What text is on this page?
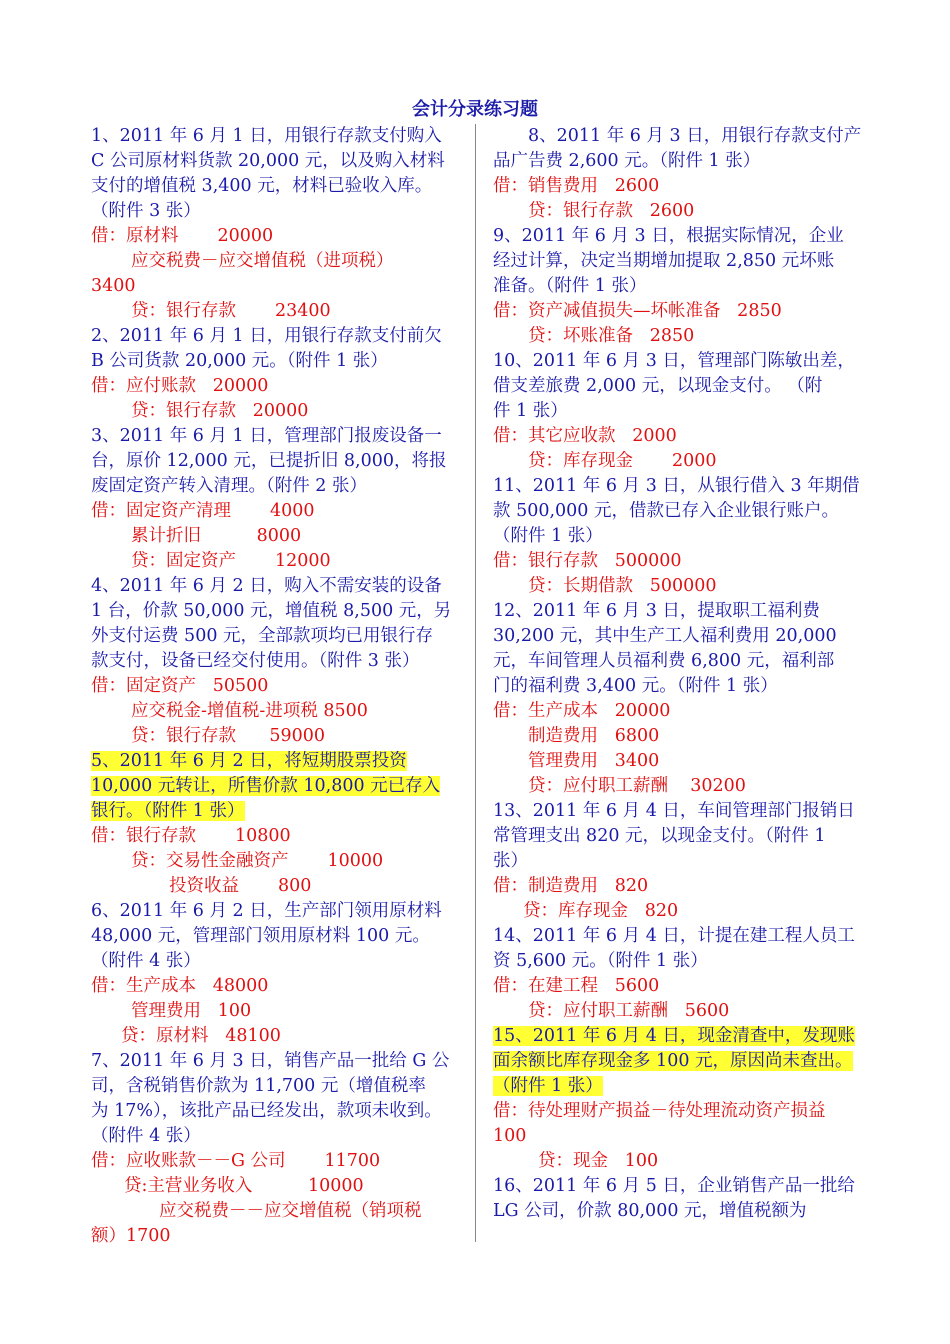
会计分录练习题
1、2011 年 6 月 1 日，用银行存款支付购入
C 公司原材料货款 20,000 元，以及购入材料
支付的增值税 3,400 元，材料已验收入库。
（附件 3 张）
借：原材料       20000
应交税费－应交增值税（进项税）
3400
贷：银行存款       23400
2、2011 年 6 月 1 日，用银行存款支付前欠
B 公司货款 20,000 元。（附件 1 张）
借：应付账款   20000
贷：银行存款   20000
3、2011 年 6 月 1 日，管理部门报废设备一
台，原价 12,000 元，已提折旧 8,000，将报
废固定资产转入清理。（附件 2 张）
借：固定资产清理       4000
累计折旧          8000
贷：固定资产       12000
4、2011 年 6 月 2 日，购入不需安装的设备
1 台，价款 50,000 元，增值税 8,500 元，另
外支付运费 500 元，全部款项均已用银行存
款支付，设备已经交付使用。（附件 3 张）
借：固定资产   50500
应交税金-增值税-进项税 8500
贷：银行存款      59000
5、2011 年 6 月 2 日，将短期股票投资
10,000 元转让，所售价款 10,800 元已存入
银行。（附件 1 张）
借：银行存款       10800
贷：交易性金融资产       10000
投资收益       800
6、2011 年 6 月 2 日，生产部门领用原材料
48,000 元，管理部门领用原材料 100 元。
（附件 4 张）
借：生产成本   48000
管理费用   100
贷：原材料   48100
7、2011 年 6 月 3 日，销售产品一批给 G 公
司，含税销售价款为 11,700 元（增值税率
为 17%），该批产品已经发出，款项未收到。
（附件 4 张）
借：应收账款－－G 公司       11700
贷:主营业务收入          10000
应交税费－－应交增值税（销项税
额）1700
8、2011 年 6 月 3 日，用银行存款支付产
品广告费 2,600 元。（附件 1 张）
借：销售费用   2600
贷：银行存款   2600
9、2011 年 6 月 3 日，根据实际情况，企业
经过计算，决定当期增加提取 2,850 元坏账
准备。（附件 1 张）
借：资产减值损失—坏帐准备   2850
贷：坏账准备   2850
10、2011 年 6 月 3 日，管理部门陈敏出差，
借支差旅费 2,000 元，以现金支付。 （附
件 1 张）
借：其它应收款   2000
贷：库存现金       2000
11、2011 年 6 月 3 日，从银行借入 3 年期借
款 500,000 元，借款已存入企业银行账户。
（附件 1 张）
借：银行存款   500000
贷：长期借款   500000
12、2011 年 6 月 3 日，提取职工福利费
30,200 元，其中生产工人福利费用 20,000
元，车间管理人员福利费 6,800 元，福利部
门的福利费 3,400 元。（附件 1 张）
借：生产成本   20000
制造费用   6800
管理费用   3400
贷：应付职工薪酬    30200
13、2011 年 6 月 4 日，车间管理部门报销日
常管理支出 820 元，以现金支付。（附件 1
张）
借：制造费用   820
贷：库存现金   820
14、2011 年 6 月 4 日，计提在建工程人员工
资 5,600 元。（附件 1 张）
借：在建工程   5600
贷：应付职工薪酬   5600
15、2011 年 6 月 4 日，现金清查中，发现账
面余额比库存现金多 100 元，原因尚未查出。
（附件 1 张）
借：待处理财产损益－待处理流动资产损益
100
贷：现金   100
16、2011 年 6 月 5 日，企业销售产品一批给
LG 公司，价款 80,000 元，增值税额为
